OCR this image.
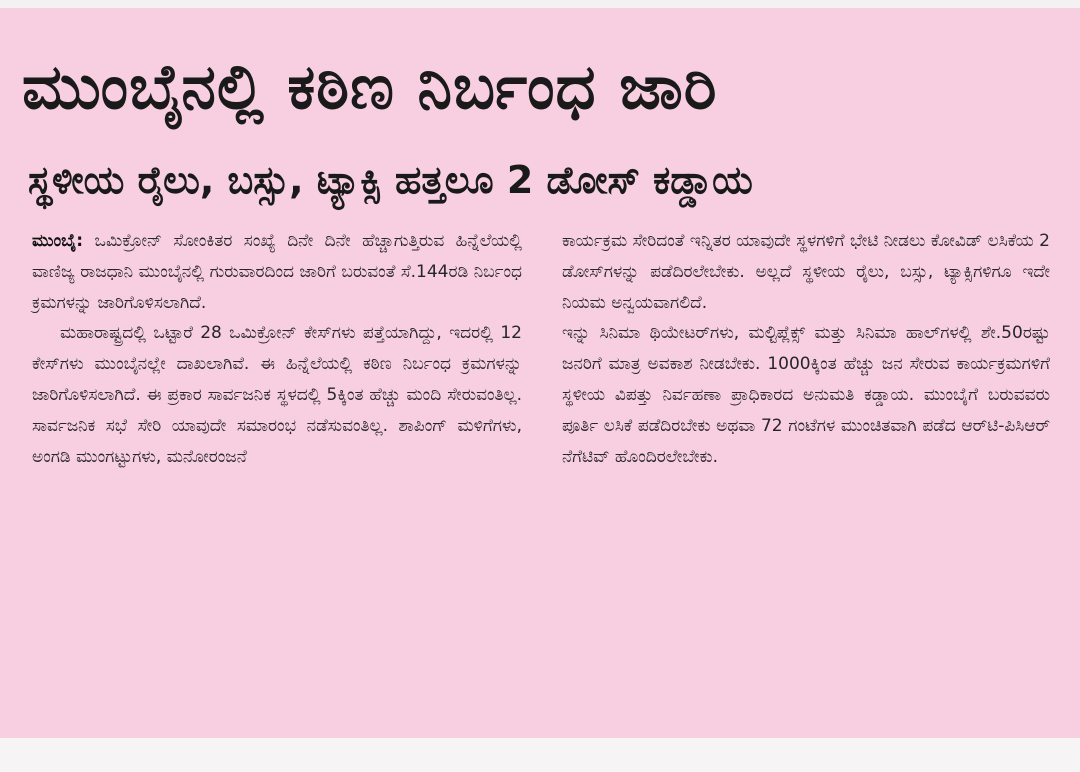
ಮುಂಬೈನಲ್ಲಿ ಕಠಿಣ ನಿರ್ಬಂಧ ಜಾರಿ
ಸ್ಥಳೀಯ ರೈಲು, ಬಸ್ಸು, ಟ್ಯಾಕ್ಸಿ ಹತ್ತಲೂ 2 ಡೋಸ್ ಕಡ್ಡಾಯ

ಮುಂಬೈ: ಒಮಿಕ್ರೋನ್ ಸೋಂಕಿತರ ಸಂಖ್ಯೆ ದಿನೇ ದಿನೇ ಹೆಚ್ಚಾಗುತ್ತಿರುವ ಹಿನ್ನೆಲೆಯಲ್ಲಿ ವಾಣಿಜ್ಯ ರಾಜಧಾನಿ ಮುಂಬೈನಲ್ಲಿ ಗುರುವಾರದಿಂದ ಜಾರಿಗೆ ಬರುವಂತೆ ಸೆ.144ರಡಿ ನಿರ್ಬಂಧ ಕ್ರಮಗಳನ್ನು ಜಾರಿಗೊಳಿಸಲಾಗಿದೆ.

ಮಹಾರಾಷ್ಟ್ರದಲ್ಲಿ ಒಟ್ಟಾರೆ 28 ಒಮಿಕ್ರೋನ್ ಕೇಸ್‌ಗಳು ಪತ್ತೆಯಾಗಿದ್ದು, ಇದರಲ್ಲಿ 12 ಕೇಸ್‌ಗಳು ಮುಂಬೈನಲ್ಲೇ ದಾಖಲಾಗಿವೆ. ಈ ಹಿನ್ನೆಲೆಯಲ್ಲಿ ಕಠಿಣ ನಿರ್ಬಂಧ ಕ್ರಮಗಳನ್ನು ಜಾರಿಗೊಳಿಸಲಾಗಿದೆ. ಈ ಪ್ರಕಾರ ಸಾರ್ವಜನಿಕ ಸ್ಥಳದಲ್ಲಿ 5ಕ್ಕಿಂತ ಹೆಚ್ಚು ಮಂದಿ ಸೇರುವಂತಿಲ್ಲ. ಸಾರ್ವಜನಿಕ ಸಭೆ ಸೇರಿ ಯಾವುದೇ ಸಮಾರಂಭ ನಡೆಸುವಂತಿಲ್ಲ. ಶಾಪಿಂಗ್ ಮಳಿಗೆಗಳು, ಅಂಗಡಿ ಮುಂಗಟ್ಟುಗಳು, ಮನೋರಂಜನೆ

ಕಾರ್ಯಕ್ರಮ ಸೇರಿದಂತೆ ಇನ್ನಿತರ ಯಾವುದೇ ಸ್ಥಳಗಳಿಗೆ ಭೇಟಿ ನೀಡಲು ಕೋವಿಡ್ ಲಸಿಕೆಯ 2 ಡೋಸ್‌ಗಳನ್ನು ಪಡೆದಿರಲೇಬೇಕು. ಅಲ್ಲದೆ ಸ್ಥಳೀಯ ರೈಲು, ಬಸ್ಸು, ಟ್ಯಾಕ್ಸಿಗಳಿಗೂ ಇದೇ ನಿಯಮ ಅನ್ವಯವಾಗಲಿದೆ.

ಇನ್ನು ಸಿನಿಮಾ ಥಿಯೇಟರ್‌ಗಳು, ಮಲ್ಟಿಪ್ಲೆಕ್ಸ್ ಮತ್ತು ಸಿನಿಮಾ ಹಾಲ್‌ಗಳಲ್ಲಿ ಶೇ.50ರಷ್ಟು ಜನರಿಗೆ ಮಾತ್ರ ಅವಕಾಶ ನೀಡಬೇಕು. 1000ಕ್ಕಿಂತ ಹೆಚ್ಚು ಜನ ಸೇರುವ ಕಾರ್ಯಕ್ರಮಗಳಿಗೆ ಸ್ಥಳೀಯ ವಿಪತ್ತು ನಿರ್ವಹಣಾ ಪ್ರಾಧಿಕಾರದ ಅನುಮತಿ ಕಡ್ಡಾಯ. ಮುಂಬೈಗೆ ಬರುವವರು ಪೂರ್ತಿ ಲಸಿಕೆ ಪಡೆದಿರಬೇಕು ಅಥವಾ 72 ಗಂಟೆಗಳ ಮುಂಚಿತವಾಗಿ ಪಡೆದ ಆರ್‌ಟಿ-ಪಿಸಿಆರ್ ನೆಗೆಟಿವ್ ಹೊಂದಿರಲೇಬೇಕು.
